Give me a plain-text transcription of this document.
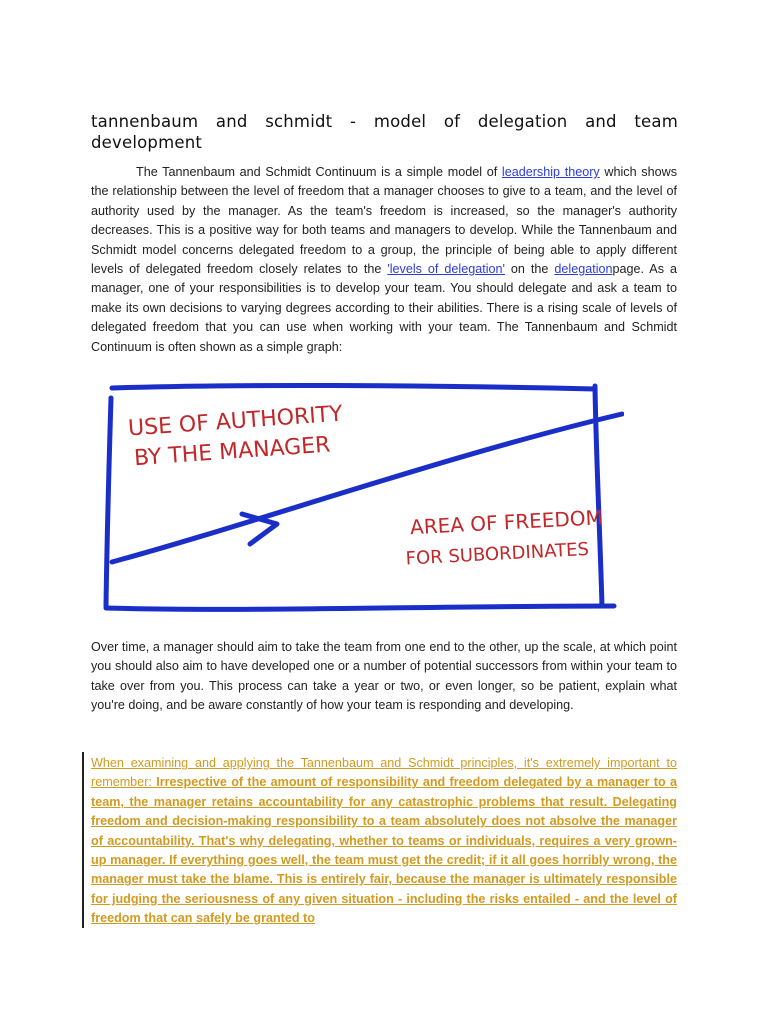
tannenbaum and schmidt - model of delegation and team development

The Tannenbaum and Schmidt Continuum is a simple model of leadership theory which shows the relationship between the level of freedom that a manager chooses to give to a team, and the level of authority used by the manager. As the team's freedom is increased, so the manager's authority decreases. This is a positive way for both teams and managers to develop. While the Tannenbaum and Schmidt model concerns delegated freedom to a group, the principle of being able to apply different levels of delegated freedom closely relates to the 'levels of delegation' on the delegationpage. As a manager, one of your responsibilities is to develop your team. You should delegate and ask a team to make its own decisions to varying degrees according to their abilities. There is a rising scale of levels of delegated freedom that you can use when working with your team. The Tannenbaum and Schmidt Continuum is often shown as a simple graph:

USE OF AUTHORITY
BY THE MANAGER
AREA OF FREEDOM
FOR SUBORDINATES

Over time, a manager should aim to take the team from one end to the other, up the scale, at which point you should also aim to have developed one or a number of potential successors from within your team to take over from you. This process can take a year or two, or even longer, so be patient, explain what you're doing, and be aware constantly of how your team is responding and developing.

When examining and applying the Tannenbaum and Schmidt principles, it's extremely important to remember: Irrespective of the amount of responsibility and freedom delegated by a manager to a team, the manager retains accountability for any catastrophic problems that result. Delegating freedom and decision-making responsibility to a team absolutely does not absolve the manager of accountability. That's why delegating, whether to teams or individuals, requires a very grown-up manager. If everything goes well, the team must get the credit; if it all goes horribly wrong, the manager must take the blame. This is entirely fair, because the manager is ultimately responsible for judging the seriousness of any given situation - including the risks entailed - and the level of freedom that can safely be granted to
